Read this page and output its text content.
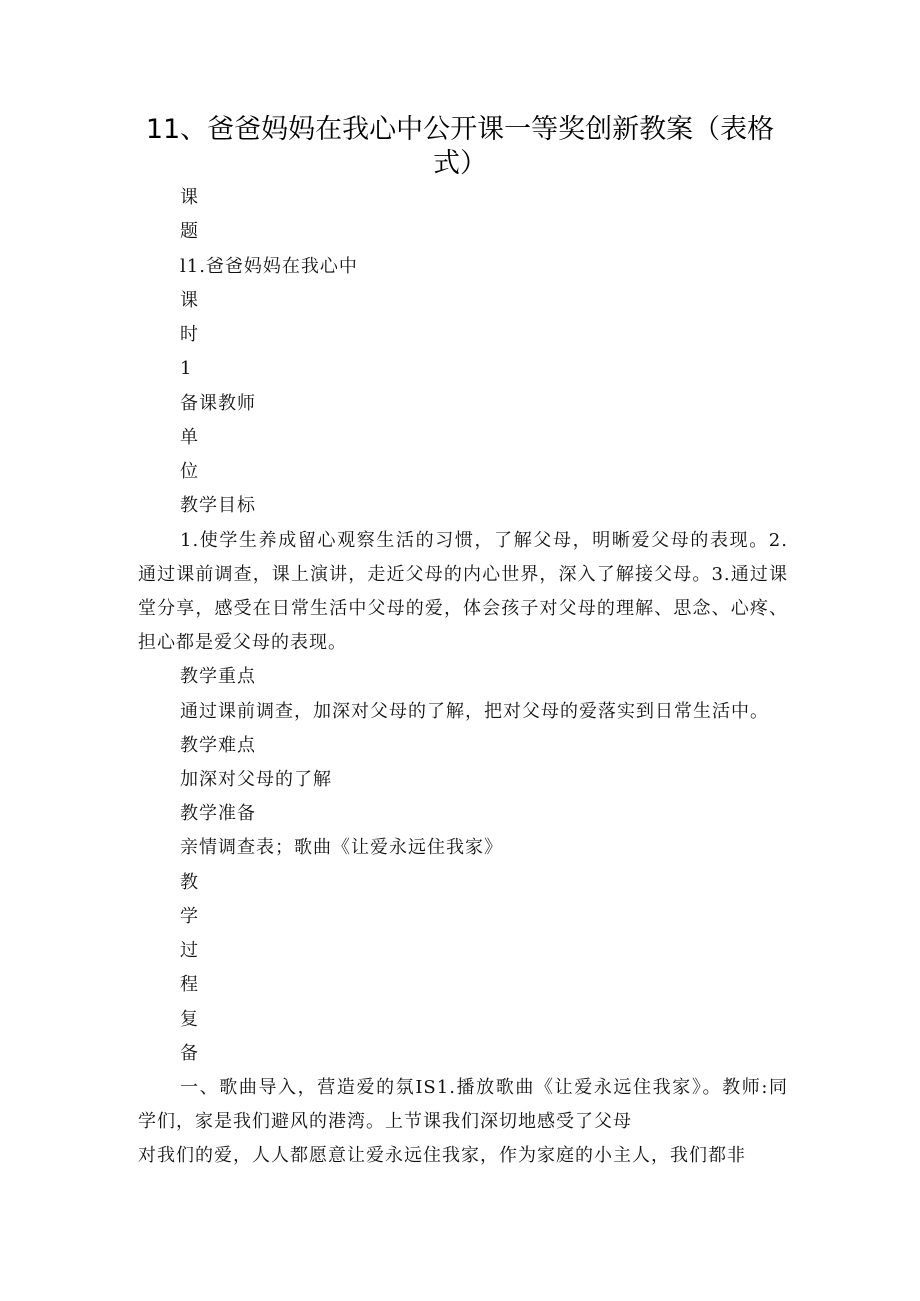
11、爸爸妈妈在我心中公开课一等奖创新教案（表格
式）
课
题
l1.爸爸妈妈在我心中
课
时
1
备课教师
单
位
教学目标
1.使学生养成留心观察生活的习惯，了解父母，明晰爱父母的表现。2.通过课前调查，课上演讲，走近父母的内心世界，深入了解接父母。3.通过课堂分享，感受在日常生活中父母的爱，体会孩子对父母的理解、思念、心疼、担心都是爱父母的表现。
教学重点
通过课前调查，加深对父母的了解，把对父母的爱落实到日常生活中。
教学难点
加深对父母的了解
教学准备
亲情调查表；歌曲《让爱永远住我家》
教
学
过
程
复
备
一、歌曲导入，营造爱的氛IS1.播放歌曲《让爱永远住我家》。教师:同学们，家是我们避风的港湾。上节课我们深切地感受了父母
对我们的爱，人人都愿意让爱永远住我家，作为家庭的小主人，我们都非
